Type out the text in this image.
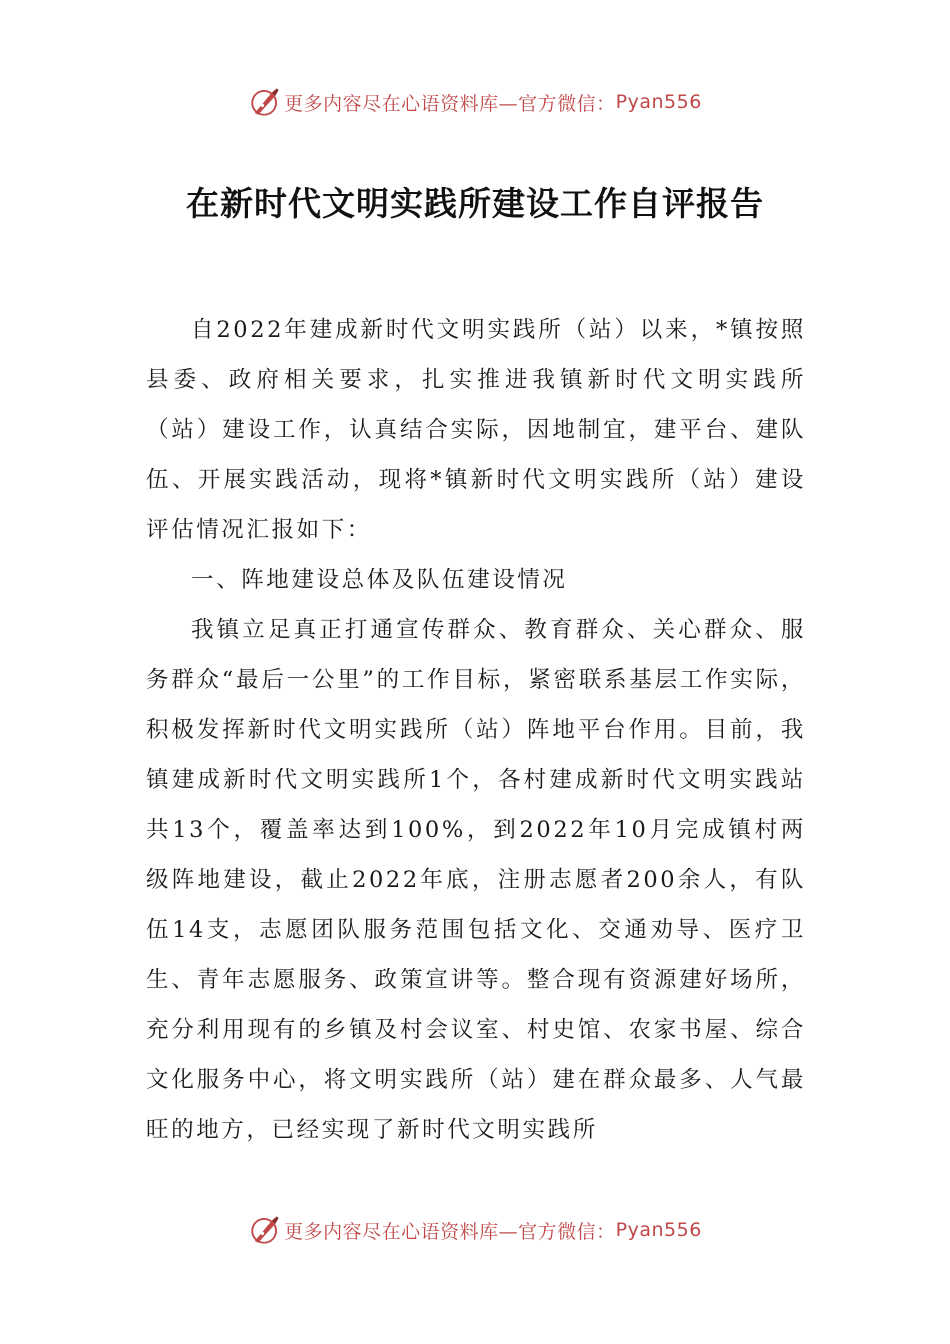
更多内容尽在心语资料库—官方微信： Pyan556
在新时代文明实践所建设工作自评报告

自2022年建成新时代文明实践所（站）以来，*镇按照县委、政府相关要求，扎实推进我镇新时代文明实践所（站）建设工作，认真结合实际，因地制宜，建平台、建队伍、开展实践活动，现将*镇新时代文明实践所（站）建设评估情况汇报如下：

一、阵地建设总体及队伍建设情况

我镇立足真正打通宣传群众、教育群众、关心群众、服务群众“最后一公里”的工作目标，紧密联系基层工作实际，积极发挥新时代文明实践所（站）阵地平台作用。目前，我镇建成新时代文明实践所1个，各村建成新时代文明实践站共13个，覆盖率达到100%，到2022年10月完成镇村两级阵地建设，截止2022年底，注册志愿者200余人，有队伍14支，志愿团队服务范围包括文化、交通劝导、医疗卫生、青年志愿服务、政策宣讲等。整合现有资源建好场所，充分利用现有的乡镇及村会议室、村史馆、农家书屋、综合文化服务中心，将文明实践所（站）建在群众最多、人气最旺的地方，已经实现了新时代文明实践所

更多内容尽在心语资料库—官方微信： Pyan556
